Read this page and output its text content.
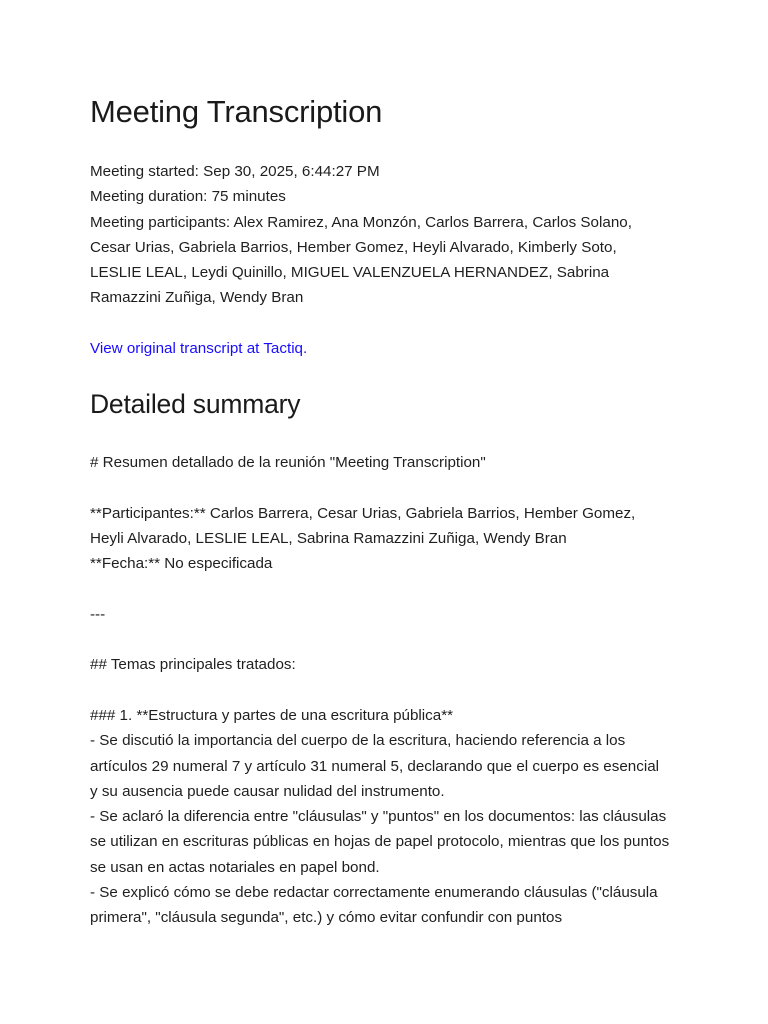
Meeting Transcription

Meeting started: Sep 30, 2025, 6:44:27 PM

Meeting duration: 75 minutes

Meeting participants: Alex Ramirez, Ana Monzón, Carlos Barrera, Carlos Solano, Cesar Urias, Gabriela Barrios, Hember Gomez, Heyli Alvarado, Kimberly Soto, LESLIE LEAL, Leydi Quinillo, MIGUEL VALENZUELA HERNANDEZ, Sabrina Ramazzini Zuñiga, Wendy Bran

View original transcript at Tactiq.
Detailed summary

# Resumen detallado de la reunión "Meeting Transcription"

**Participantes:** Carlos Barrera, Cesar Urias, Gabriela Barrios, Hember Gomez, Heyli Alvarado, LESLIE LEAL, Sabrina Ramazzini Zuñiga, Wendy Bran

**Fecha:** No especificada

---

## Temas principales tratados:

### 1. **Estructura y partes de una escritura pública**

- Se discutió la importancia del cuerpo de la escritura, haciendo referencia a los artículos 29 numeral 7 y artículo 31 numeral 5, declarando que el cuerpo es esencial y su ausencia puede causar nulidad del instrumento.

- Se aclaró la diferencia entre "cláusulas" y "puntos" en los documentos: las cláusulas se utilizan en escrituras públicas en hojas de papel protocolo, mientras que los puntos se usan en actas notariales en papel bond.

- Se explicó cómo se debe redactar correctamente enumerando cláusulas ("cláusula primera", "cláusula segunda", etc.) y cómo evitar confundir con puntos
